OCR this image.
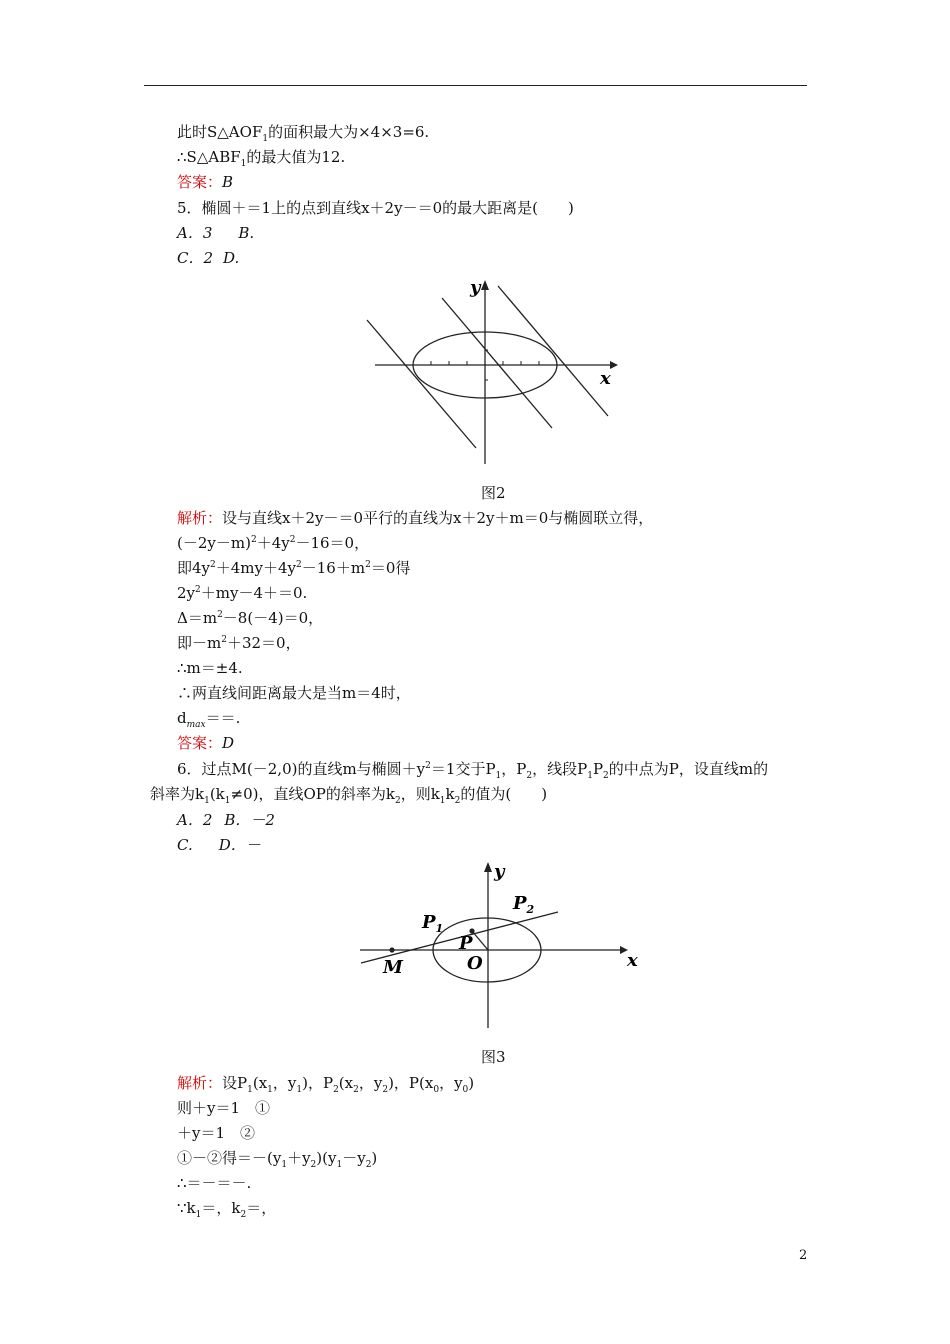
此时$S\triangle AOF_1$的面积最大为×4×3=6.
$\therefore S\triangle ABF_1$的最大值为12.
答案：B
5．椭圆＋＝1上的点到直线x＋2y－＝0的最大距离是(　　)
A．3 B.
C．2 D.
x
y
图2
解析：设与直线x＋2y－＝0平行的直线为x＋2y＋m＝0与椭圆联立得，
$(-2y-m)^2+4y^2-16=0$，
即$4y^2+4my+4y^2-16+m^2=0$得
$2y^2+my-4+=0$.
$\Delta=m^2-8(-4)=0$，
即$-m^2+32=0$，
∴m＝±4.
∴两直线间距离最大是当m＝4时，
$d_{max}==$.
答案：D
6．过点M(－2,0)的直线m与椭圆$+y^2=1$交于$P_1$，$P_2$，线段$P_1P_2$的中点为P，设直线m的
斜率为$k_1(k_1\ne 0)$，直线OP的斜率为$k_2$，则$k_1k_2$的值为(　　)
A．2 B．－2
C. D．－
x
y
M	O
P
$P_1$
$P_2$
图3
解析：设$P_1(x_1$，$y_1$)，$P_2(x_2$，$y_2$)，$P(x_0$，$y_0$)
则＋y＝1　①
＋y＝1　②
①－②得$=-(y_1+y_2)(y_1-y_2)$
∴＝－＝－.
$\because k_1=$，$k_2=$，
2
